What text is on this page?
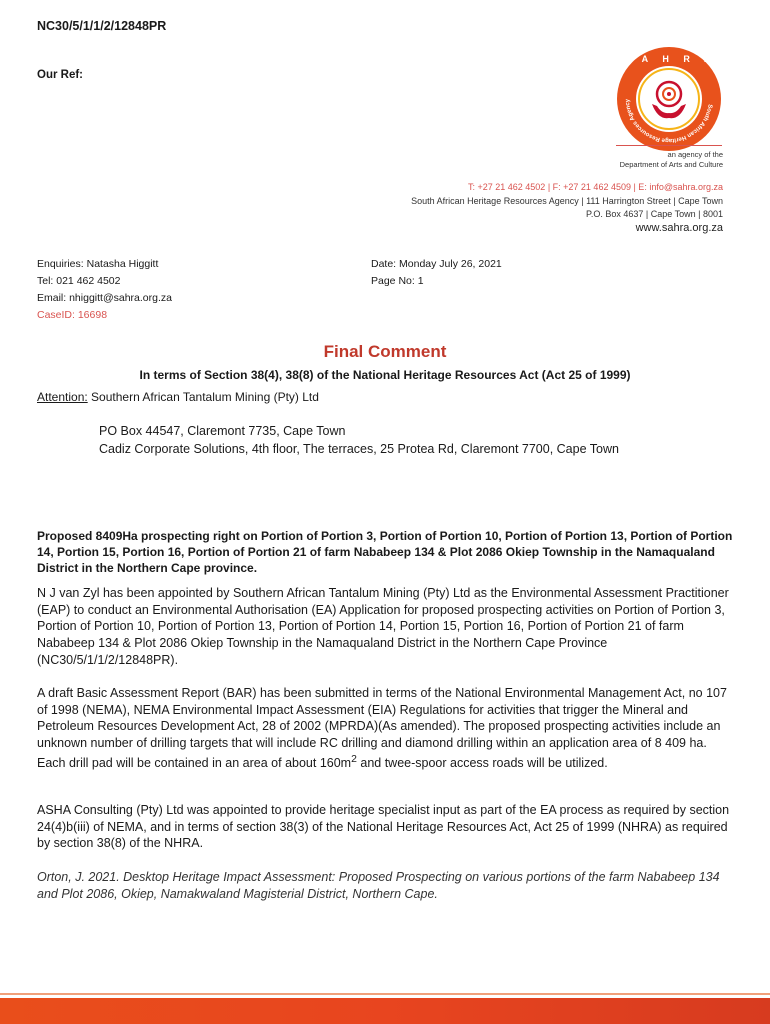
NC30/5/1/1/2/12848PR
Our Ref:
South African Heritage Resources Agency
S A H R A
an agency of the
Department of Arts and Culture
T: +27 21 462 4502 | F: +27 21 462 4509 | E: info@sahra.org.za
South African Heritage Resources Agency | 111 Harrington Street | Cape Town
P.O. Box 4637 | Cape Town | 8001
www.sahra.org.za
Enquiries: Natasha Higgitt
Tel: 021 462 4502
Email: nhiggitt@sahra.org.za
CaseID: 16698
Date: Monday July 26, 2021
Page No: 1
Final Comment
In terms of Section 38(4), 38(8) of the National Heritage Resources Act (Act 25 of 1999)
Attention: Southern African Tantalum Mining (Pty) Ltd
PO Box 44547, Claremont 7735, Cape Town
Cadiz Corporate Solutions, 4th floor, The terraces, 25 Protea Rd, Claremont 7700, Cape Town
Proposed 8409Ha prospecting right on Portion of Portion 3, Portion of Portion 10, Portion of Portion 13, Portion of Portion 14, Portion 15, Portion 16, Portion of Portion 21 of farm Nababeep 134 & Plot 2086 Okiep Township in the Namaqualand District in the Northern Cape province.
N J van Zyl has been appointed by Southern African Tantalum Mining (Pty) Ltd as the Environmental Assessment Practitioner (EAP) to conduct an Environmental Authorisation (EA) Application for proposed prospecting activities on Portion of Portion 3, Portion of Portion 10, Portion of Portion 13, Portion of Portion 14, Portion 15, Portion 16, Portion of Portion 21 of farm Nababeep 134 & Plot 2086 Okiep Township in the Namaqualand District in the Northern Cape Province (NC30/5/1/1/2/12848PR).
A draft Basic Assessment Report (BAR) has been submitted in terms of the National Environmental Management Act, no 107 of 1998 (NEMA), NEMA Environmental Impact Assessment (EIA) Regulations for activities that trigger the Mineral and Petroleum Resources Development Act, 28 of 2002 (MPRDA)(As amended). The proposed prospecting activities include an unknown number of drilling targets that will include RC drilling and diamond drilling within an application area of 8 409 ha. Each drill pad will be contained in an area of about $160m^2$ and twee-spoor access roads will be utilized.
ASHA Consulting (Pty) Ltd was appointed to provide heritage specialist input as part of the EA process as required by section 24(4)b(iii) of NEMA, and in terms of section 38(3) of the National Heritage Resources Act, Act 25 of 1999 (NHRA) as required by section 38(8) of the NHRA.
Orton, J. 2021. Desktop Heritage Impact Assessment: Proposed Prospecting on various portions of the farm Nababeep 134 and Plot 2086, Okiep, Namakwaland Magisterial District, Northern Cape.
